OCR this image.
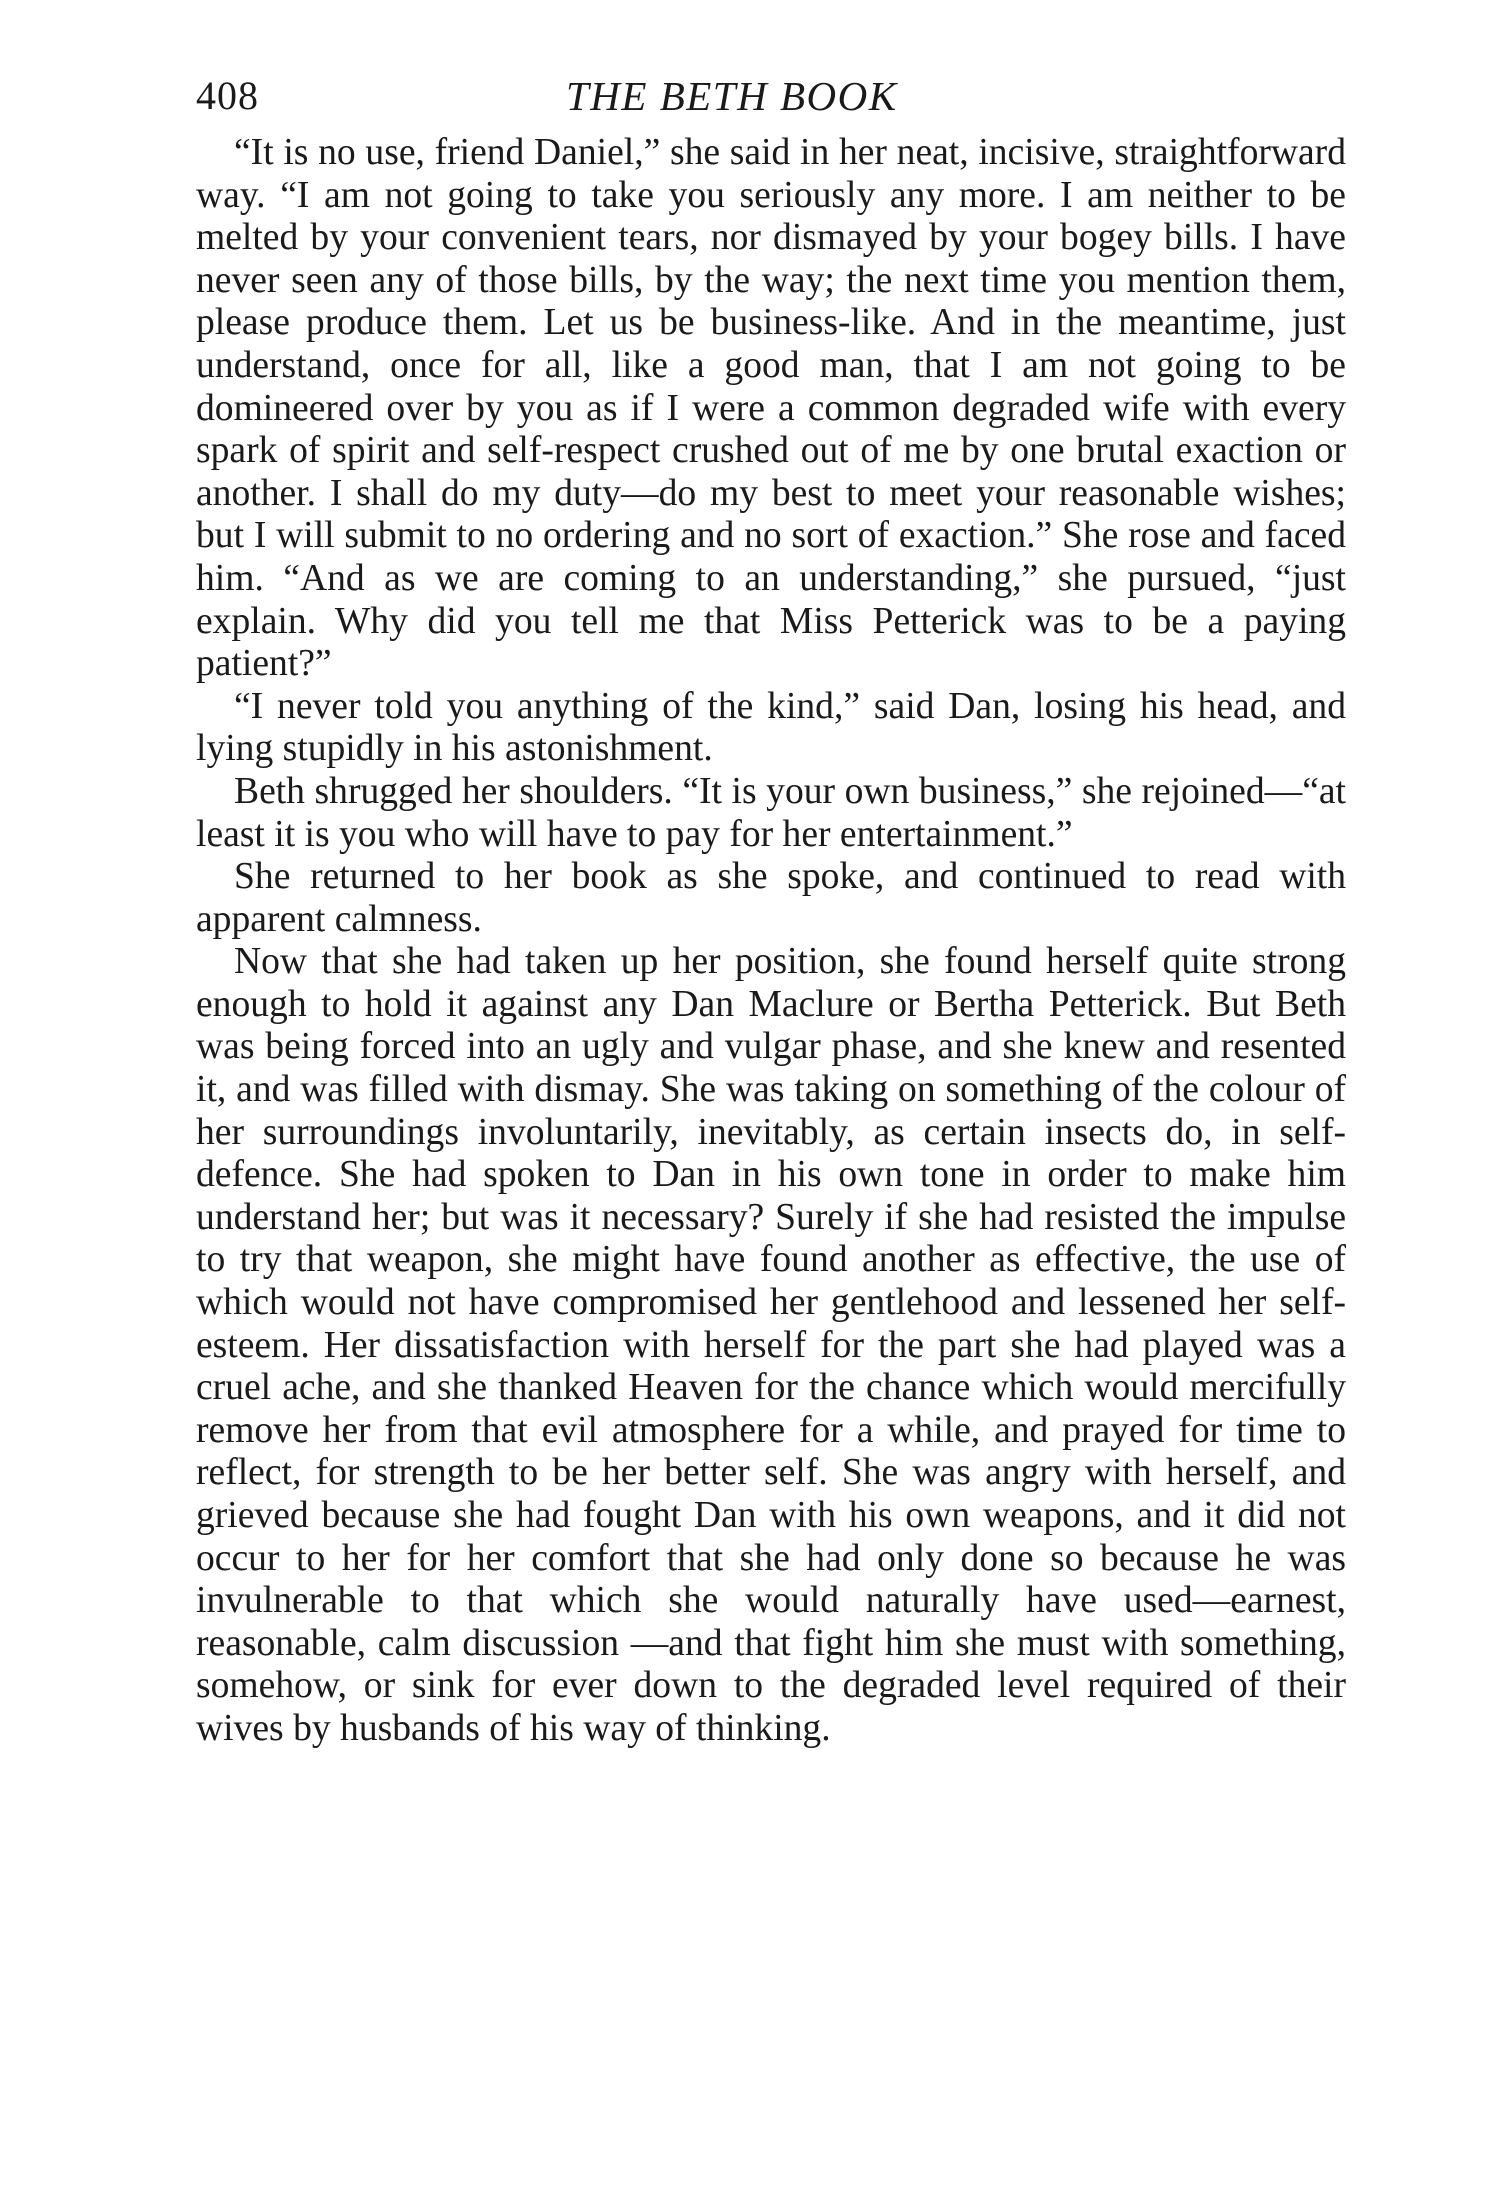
408	THE BETH BOOK

“It is no use, friend Daniel,” she said in her neat, incisive, straightforward way. “I am not going to take you seriously any more. I am neither to be melted by your convenient tears, nor dismayed by your bogey bills. I have never seen any of those bills, by the way; the next time you mention them, please produce them. Let us be business-like. And in the meantime, just understand, once for all, like a good man, that I am not going to be domineered over by you as if I were a common degraded wife with every spark of spirit and self-respect crushed out of me by one brutal exaction or another. I shall do my duty—do my best to meet your reasonable wishes; but I will submit to no ordering and no sort of exaction.” She rose and faced him. “And as we are coming to an understanding,” she pursued, “just explain. Why did you tell me that Miss Petterick was to be a paying patient?”

“I never told you anything of the kind,” said Dan, losing his head, and lying stupidly in his astonishment.

Beth shrugged her shoulders. “It is your own business,” she rejoined—“at least it is you who will have to pay for her entertainment.”

She returned to her book as she spoke, and continued to read with apparent calmness.

Now that she had taken up her position, she found herself quite strong enough to hold it against any Dan Maclure or Bertha Petterick. But Beth was being forced into an ugly and vulgar phase, and she knew and resented it, and was filled with dismay. She was taking on something of the colour of her surroundings involuntarily, inevitably, as certain insects do, in self-defence. She had spoken to Dan in his own tone in order to make him understand her; but was it necessary? Surely if she had resisted the impulse to try that weapon, she might have found another as effective, the use of which would not have compromised her gentlehood and lessened her self-esteem. Her dissatisfaction with herself for the part she had played was a cruel ache, and she thanked Heaven for the chance which would mercifully remove her from that evil atmosphere for a while, and prayed for time to reflect, for strength to be her better self. She was angry with herself, and grieved because she had fought Dan with his own weapons, and it did not occur to her for her comfort that she had only done so because he was invulnerable to that which she would naturally have used—earnest, reasonable, calm discussion —and that fight him she must with something, somehow, or sink for ever down to the degraded level required of their wives by husbands of his way of thinking.
